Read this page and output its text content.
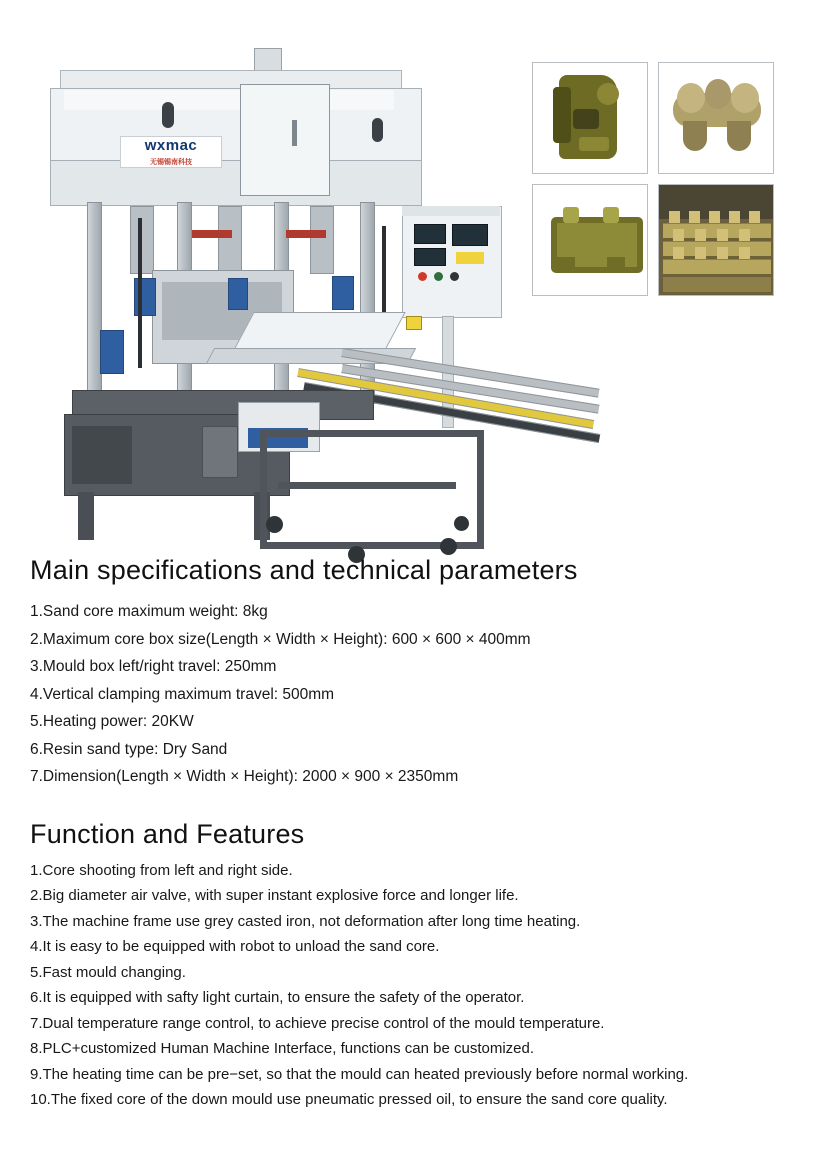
wxmac
无锡锡南科技
Main specifications and technical parameters
1.Sand core maximum weight: 8kg
2.Maximum core box size(Length × Width × Height): 600 × 600 × 400mm
3.Mould box left/right travel: 250mm
4.Vertical clamping maximum travel: 500mm
5.Heating power: 20KW
6.Resin sand type: Dry Sand
7.Dimension(Length × Width × Height): 2000 × 900 × 2350mm
Function and Features
1.Core shooting from left and right side.
2.Big diameter air valve, with super instant explosive force and longer life.
3.The machine frame use grey casted iron, not deformation after long time heating.
4.It is easy to be equipped with robot to unload the sand core.
5.Fast mould changing.
6.It is equipped with safty light curtain, to ensure the safety of the operator.
7.Dual temperature range control, to achieve precise control of the mould temperature.
8.PLC+customized Human Machine Interface, functions can be customized.
9.The heating time can be pre−set, so that the mould can heated previously before normal working.
10.The fixed core of the down mould use pneumatic pressed oil, to ensure the sand core quality.
